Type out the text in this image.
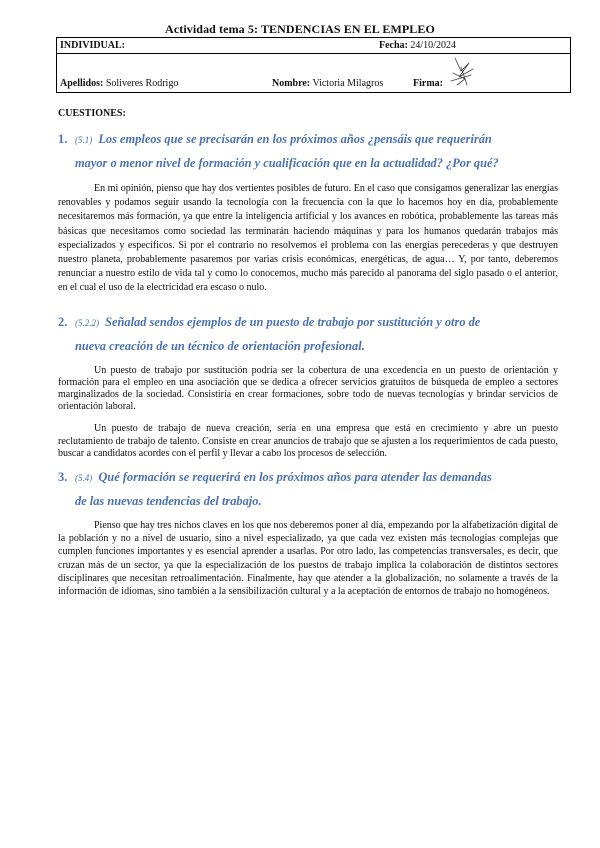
Actividad tema 5: TENDENCIAS EN EL EMPLEO
INDIVIDUAL:	Fecha: 24/10/2024
Apellidos: Soliveres Rodrigo	Nombre: Victoria Milagros	Firma:
CUESTIONES:
1. (5.1) Los empleos que se precisarán en los próximos años ¿pensáis que requerirán
mayor o menor nivel de formación y cualificación que en la actualidad? ¿Por qué?

En mi opinión, pienso que hay dos vertientes posibles de futuro. En el caso que consigamos generalizar las energías renovables y podamos seguir usando la tecnología con la frecuencia con la que lo hacemos hoy en día, probablemente necesitaremos más formación, ya que entre la inteligencia artificial y los avances en robótica, probablemente las tareas más básicas que necesitamos como sociedad las terminarán haciendo máquinas y para los humanos quedarán trabajos más especializados y específicos. Si por el contrario no resolvemos el problema con las energías perecederas y que destruyen nuestro planeta, probablemente pasaremos por varias crisis económicas, energéticas, de agua… Y, por tanto, deberemos renunciar a nuestro estilo de vida tal y como lo conocemos, mucho más parecido al panorama del siglo pasado o el anterior, en el cual el uso de la electricidad era escaso o nulo.

2. (5.2.2) Señalad sendos ejemplos de un puesto de trabajo por sustitución y otro de
nueva creación de un técnico de orientación profesional.

Un puesto de trabajo por sustitución podría ser la cobertura de una excedencia en un puesto de orientación y formación para el empleo en una asociación que se dedica a ofrecer servicios gratuitos de búsqueda de empleo a sectores marginalizados de la sociedad. Consistiría en crear formaciones, sobre todo de nuevas tecnologías y brindar servicios de orientación laboral.

Un puesto de trabajo de nueva creación, sería en una empresa que está en crecimiento y abre un puesto reclutamiento de trabajo de talento. Consiste en crear anuncios de trabajo que se ajusten a los requerimientos de cada puesto, buscar a candidatos acordes con el perfil y llevar a cabo los procesos de selección.

3. (5.4) Qué formación se requerirá en los próximos años para atender las demandas
de las nuevas tendencias del trabajo.

Pienso que hay tres nichos claves en los que nos deberemos poner al día, empezando por la alfabetización digital de la población y no a nivel de usuario, sino a nivel especializado, ya que cada vez existen más tecnologías complejas que cumplen funciones importantes y es esencial aprender a usarlas. Por otro lado, las competencias transversales, es decir, que cruzan más de un sector, ya que la especialización de los puestos de trabajo implica la colaboración de distintos sectores disciplinares que necesitan retroalimentación. Finalmente, hay que atender a la globalización, no solamente a través de la información de idiomas, sino también a la sensibilización cultural y a la aceptación de entornos de trabajo no homogéneos.
